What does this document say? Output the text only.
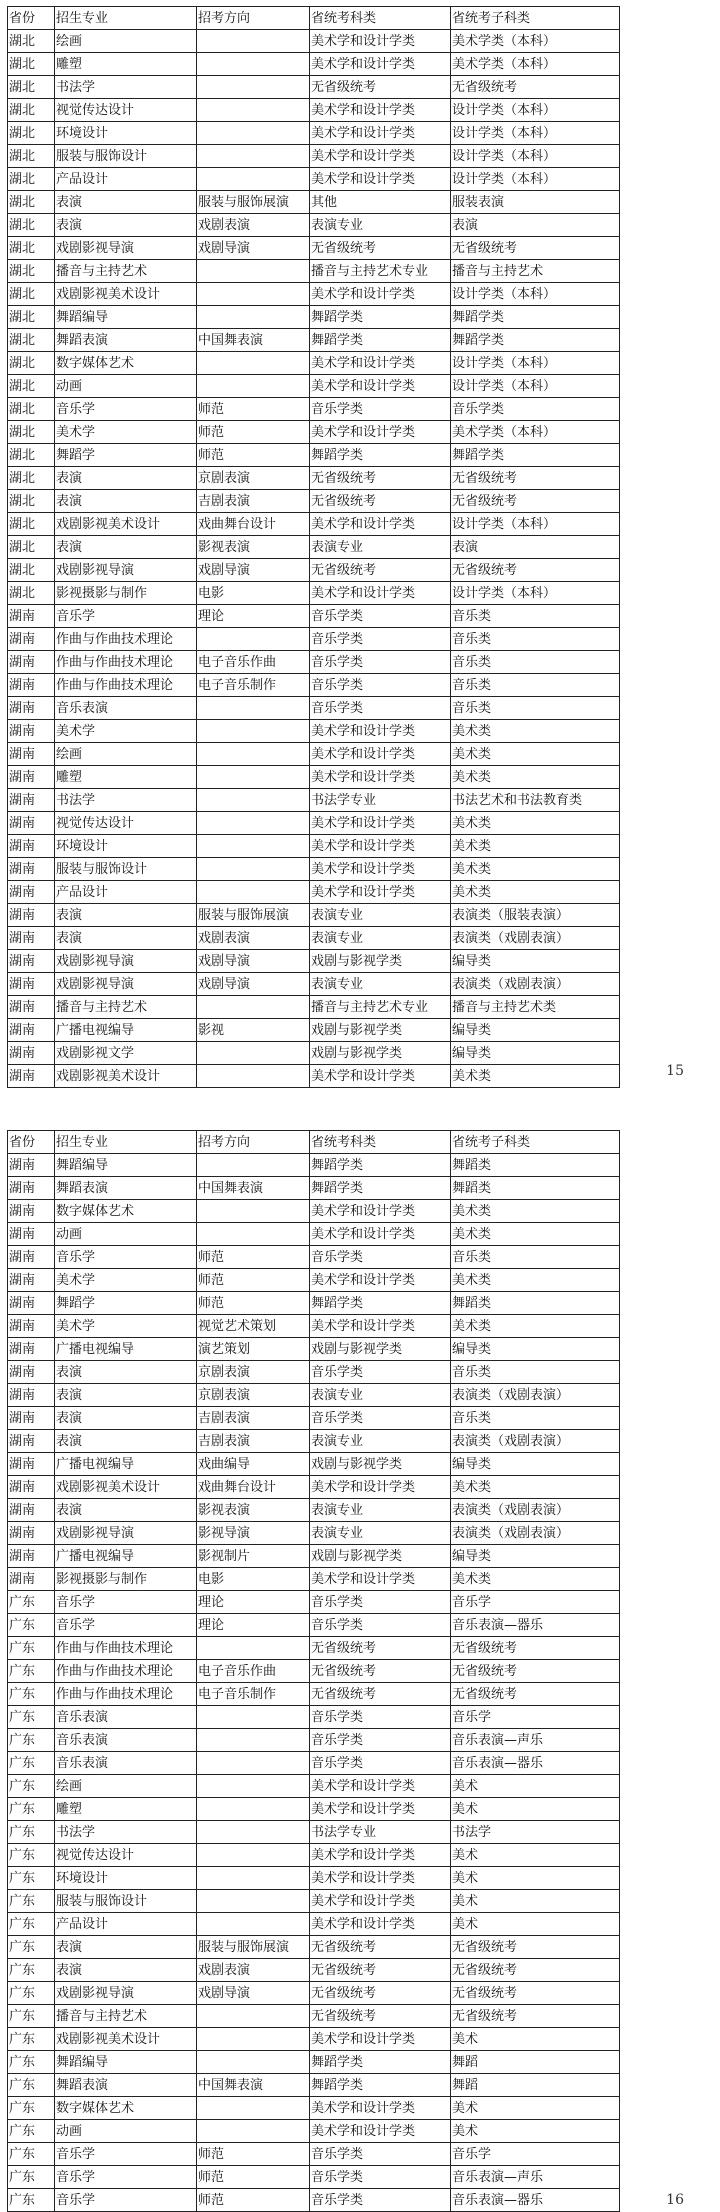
省份	招生专业	招考方向	省统考科类	省统考子科类
湖北	绘画		美术学和设计学类	美术学类（本科）
湖北	雕塑		美术学和设计学类	美术学类（本科）
湖北	书法学		无省级统考	无省级统考
湖北	视觉传达设计		美术学和设计学类	设计学类（本科）
湖北	环境设计		美术学和设计学类	设计学类（本科）
湖北	服装与服饰设计		美术学和设计学类	设计学类（本科）
湖北	产品设计		美术学和设计学类	设计学类（本科）
湖北	表演	服装与服饰展演	其他	服装表演
湖北	表演	戏剧表演	表演专业	表演
湖北	戏剧影视导演	戏剧导演	无省级统考	无省级统考
湖北	播音与主持艺术		播音与主持艺术专业	播音与主持艺术
湖北	戏剧影视美术设计		美术学和设计学类	设计学类（本科）
湖北	舞蹈编导		舞蹈学类	舞蹈学类
湖北	舞蹈表演	中国舞表演	舞蹈学类	舞蹈学类
湖北	数字媒体艺术		美术学和设计学类	设计学类（本科）
湖北	动画		美术学和设计学类	设计学类（本科）
湖北	音乐学	师范	音乐学类	音乐学类
湖北	美术学	师范	美术学和设计学类	美术学类（本科）
湖北	舞蹈学	师范	舞蹈学类	舞蹈学类
湖北	表演	京剧表演	无省级统考	无省级统考
湖北	表演	吉剧表演	无省级统考	无省级统考
湖北	戏剧影视美术设计	戏曲舞台设计	美术学和设计学类	设计学类（本科）
湖北	表演	影视表演	表演专业	表演
湖北	戏剧影视导演	戏剧导演	无省级统考	无省级统考
湖北	影视摄影与制作	电影	美术学和设计学类	设计学类（本科）
湖南	音乐学	理论	音乐学类	音乐类
湖南	作曲与作曲技术理论		音乐学类	音乐类
湖南	作曲与作曲技术理论	电子音乐作曲	音乐学类	音乐类
湖南	作曲与作曲技术理论	电子音乐制作	音乐学类	音乐类
湖南	音乐表演		音乐学类	音乐类
湖南	美术学		美术学和设计学类	美术类
湖南	绘画		美术学和设计学类	美术类
湖南	雕塑		美术学和设计学类	美术类
湖南	书法学		书法学专业	书法艺术和书法教育类
湖南	视觉传达设计		美术学和设计学类	美术类
湖南	环境设计		美术学和设计学类	美术类
湖南	服装与服饰设计		美术学和设计学类	美术类
湖南	产品设计		美术学和设计学类	美术类
湖南	表演	服装与服饰展演	表演专业	表演类（服装表演）
湖南	表演	戏剧表演	表演专业	表演类（戏剧表演）
湖南	戏剧影视导演	戏剧导演	戏剧与影视学类	编导类
湖南	戏剧影视导演	戏剧导演	表演专业	表演类（戏剧表演）
湖南	播音与主持艺术		播音与主持艺术专业	播音与主持艺术类
湖南	广播电视编导	影视	戏剧与影视学类	编导类
湖南	戏剧影视文学		戏剧与影视学类	编导类
湖南	戏剧影视美术设计		美术学和设计学类	美术类	15
省份	招生专业	招考方向	省统考科类	省统考子科类
湖南	舞蹈编导		舞蹈学类	舞蹈类
湖南	舞蹈表演	中国舞表演	舞蹈学类	舞蹈类
湖南	数字媒体艺术		美术学和设计学类	美术类
湖南	动画		美术学和设计学类	美术类
湖南	音乐学	师范	音乐学类	音乐类
湖南	美术学	师范	美术学和设计学类	美术类
湖南	舞蹈学	师范	舞蹈学类	舞蹈类
湖南	美术学	视觉艺术策划	美术学和设计学类	美术类
湖南	广播电视编导	演艺策划	戏剧与影视学类	编导类
湖南	表演	京剧表演	音乐学类	音乐类
湖南	表演	京剧表演	表演专业	表演类（戏剧表演）
湖南	表演	吉剧表演	音乐学类	音乐类
湖南	表演	吉剧表演	表演专业	表演类（戏剧表演）
湖南	广播电视编导	戏曲编导	戏剧与影视学类	编导类
湖南	戏剧影视美术设计	戏曲舞台设计	美术学和设计学类	美术类
湖南	表演	影视表演	表演专业	表演类（戏剧表演）
湖南	戏剧影视导演	影视导演	表演专业	表演类（戏剧表演）
湖南	广播电视编导	影视制片	戏剧与影视学类	编导类
湖南	影视摄影与制作	电影	美术学和设计学类	美术类
广东	音乐学	理论	音乐学类	音乐学
广东	音乐学	理论	音乐学类	音乐表演—器乐
广东	作曲与作曲技术理论		无省级统考	无省级统考
广东	作曲与作曲技术理论	电子音乐作曲	无省级统考	无省级统考
广东	作曲与作曲技术理论	电子音乐制作	无省级统考	无省级统考
广东	音乐表演		音乐学类	音乐学
广东	音乐表演		音乐学类	音乐表演—声乐
广东	音乐表演		音乐学类	音乐表演—器乐
广东	绘画		美术学和设计学类	美术
广东	雕塑		美术学和设计学类	美术
广东	书法学		书法学专业	书法学
广东	视觉传达设计		美术学和设计学类	美术
广东	环境设计		美术学和设计学类	美术
广东	服装与服饰设计		美术学和设计学类	美术
广东	产品设计		美术学和设计学类	美术
广东	表演	服装与服饰展演	无省级统考	无省级统考
广东	表演	戏剧表演	无省级统考	无省级统考
广东	戏剧影视导演	戏剧导演	无省级统考	无省级统考
广东	播音与主持艺术		无省级统考	无省级统考
广东	戏剧影视美术设计		美术学和设计学类	美术
广东	舞蹈编导		舞蹈学类	舞蹈
广东	舞蹈表演	中国舞表演	舞蹈学类	舞蹈
广东	数字媒体艺术		美术学和设计学类	美术
广东	动画		美术学和设计学类	美术
广东	音乐学	师范	音乐学类	音乐学
广东	音乐学	师范	音乐学类	音乐表演—声乐
广东	音乐学	师范	音乐学类	音乐表演—器乐	16
